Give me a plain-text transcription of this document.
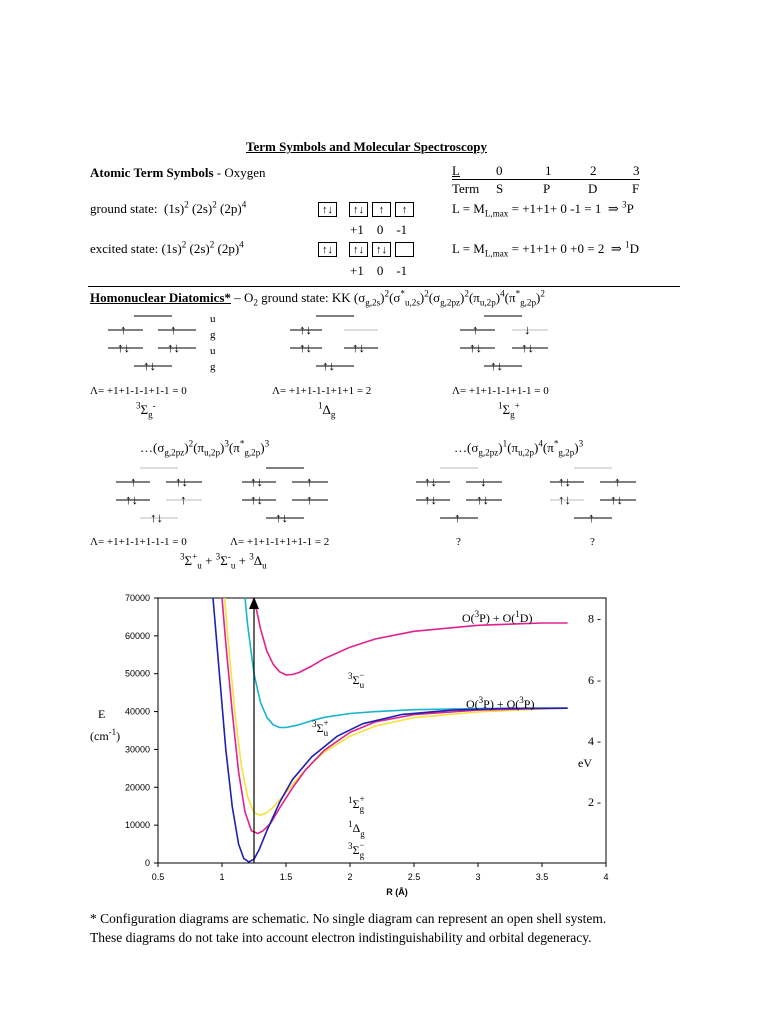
Term Symbols and Molecular Spectroscopy
Atomic Term Symbols - Oxygen	L	0	1	2	3
Term S	P	D	F
ground state:  $(1s)^2$ $(2s)^2$ $(2p)^4$	↑↓ ↑↓ ↑ ↑
+1    0    -1
$L = M_{L,max} = +1+1+ 0$ -1 = 1 ⇒ $^3$P
excited state: $(1s)^2$ $(2s)^2$ $(2p)^4$	↑↓ ↑↓ ↑↓
+1    0    -1
$L = M_{L,max} = +1+1+ 0 +0 = 2$ ⇒ $^1$D
Homonuclear Diatomics* – $O_2$ ground state: KK $(\sigma_{g,2s})^2(\sigma^*_{u,2s})^2(\sigma_{g,2pz})^2(\pi_{u,2p})^4(\pi^*_{g,2p})^2$
↑	↑
↑↓	↑↓
↑↓
↑↓
↑↓	↑↓
↑↓
↑	↓
↑↓	↑↓
↑↓
↑	↑↓
↑↓	↑
↑↓
↑↓	↑
↑↓	↑
↑↓
↑↓	↓
↑↓	↑↓
↑
↑↓	↑
↑↓	↑↓
↑
u
g
u
g
Λ= +1+1-1-1+1-1 = 0	Λ= +1+1-1-1+1+1 = 2	Λ= +1+1-1-1+1-1 = 0
$^3\Sigma_g^-$	$^1\Delta_g$
$^1\Sigma_g^+$
$\dots(\sigma_{g,2pz})^2(\pi_{u,2p})^3(\pi^*_{g,2p})^3$	$\dots(\sigma_{g,2pz})^1(\pi_{u,2p})^4(\pi^*_{g,2p})^3$
Λ= +1+1-1+1-1-1 = 0	Λ= +1+1-1+1+1-1 = 2	?	?
$^3\Sigma^+_u + ^3\Sigma^-_u + ^3\Delta_u$
0
10000
20000
30000
40000
50000
60000
70000
0.5	1	1.5	2	2.5	3	3.5	4
R (Å)
E
$(cm^{-1})$
2 -
4 -
6 -
8 -
eV
O($^3$P) + O($^1$D)
O($^3$P) + O($^3$P)
$^3$Σ− u
$^3$Σ+ u
$^1$Σ+ g
$^1\Delta_g$
$^3$Σ− g
* Configuration diagrams are schematic. No single diagram can represent an open shell system.
These diagrams do not take into account electron indistinguishability and orbital degeneracy.
